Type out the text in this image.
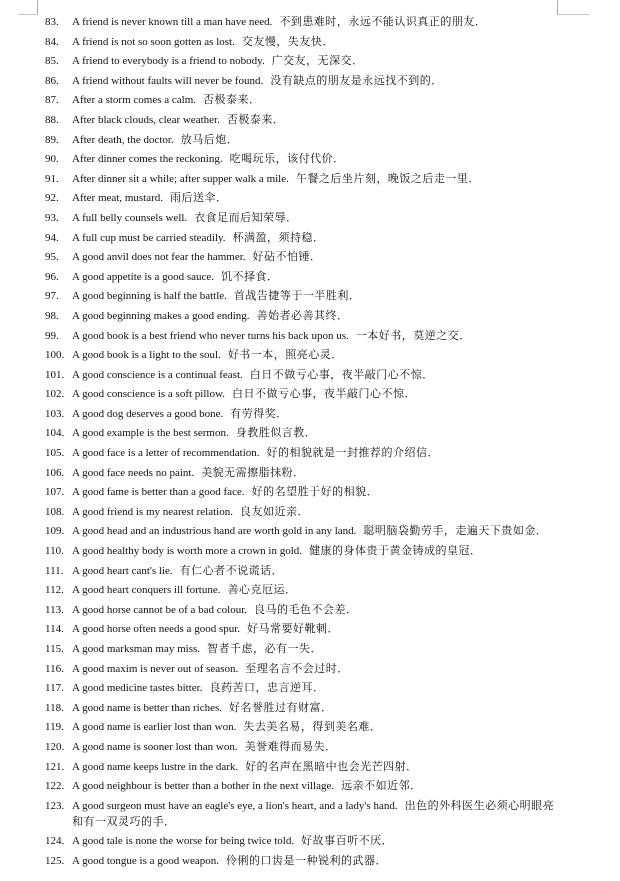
83. A friend is never known till a man have need. 不到患难时，永远不能认识真正的朋友．
84. A friend is not so soon gotten as lost. 交友慢，失友快．
85. A friend to everybody is a friend to nobody. 广交友，无深交．
86. A friend without faults will never be found. 没有缺点的朋友是永远找不到的．
87. After a storm comes a calm. 否极泰来．
88. After black clouds, clear weather. 否极泰来．
89. After death, the doctor. 放马后炮．
90. After dinner comes the reckoning. 吃喝玩乐，该付代价．
91. After dinner sit a while; after supper walk a mile. 午餐之后坐片刻，晚饭之后走一里．
92. After meat, mustard. 雨后送伞．
93. A full belly counsels well. 衣食足而后知荣辱．
94. A full cup must be carried steadily. 杯满盈，须持稳．
95. A good anvil does not fear the hammer. 好砧不怕锤．
96. A good appetite is a good sauce. 饥不择食．
97. A good beginning is half the battle. 首战告捷等于一半胜利．
98. A good beginning makes a good ending. 善始者必善其终．
99. A good book is a best friend who never turns his back upon us. 一本好书，莫逆之交．
100. A good book is a light to the soul. 好书一本，照亮心灵．
101. A good conscience is a continual feast. 白日不做亏心事，夜半敲门心不惊．
102. A good conscience is a soft pillow. 白日不做亏心事，夜半敲门心不惊．
103. A good dog deserves a good bone. 有劳得奖．
104. A good example is the best sermon. 身教胜似言教．
105. A good face is a letter of recommendation. 好的相貌就是一封推荐的介绍信．
106. A good face needs no paint. 美貌无需擦脂抹粉．
107. A good fame is better than a good face. 好的名望胜于好的相貌．
108. A good friend is my nearest relation. 良友如近亲．
109. A good head and an industrious hand are worth gold in any land. 聪明脑袋勤劳手，走遍天下贵如金．
110. A good healthy body is worth more a crown in gold. 健康的身体贵于黄金铸成的皇冠．
111. A good heart cant's lie. 有仁心者不说谎话．
112. A good heart conquers ill fortune. 善心克厄运．
113. A good horse cannot be of a bad colour. 良马的毛色不会差．
114. A good horse often needs a good spur. 好马常要好靴刺．
115. A good marksman may miss. 智者千虑，必有一失．
116. A good maxim is never out of season. 至理名言不会过时．
117. A good medicine tastes bitter. 良药苦口，忠言逆耳．
118. A good name is better than riches. 好名誉胜过有财富．
119. A good name is earlier lost than won. 失去美名易，得到美名难．
120. A good name is sooner lost than won. 美誉难得而易失．
121. A good name keeps lustre in the dark. 好的名声在黑暗中也会光芒四射．
122. A good neighbour is better than a bother in the next village. 远亲不如近邻．
123. A good surgeon must have an eagle's eye, a lion's heart, and a lady's hand. 出色的外科医生必须心明眼亮和有一双灵巧的手．
124. A good tale is none the worse for being twice told. 好故事百听不厌．
125. A good tongue is a good weapon. 伶俐的口齿是一种锐利的武器．
